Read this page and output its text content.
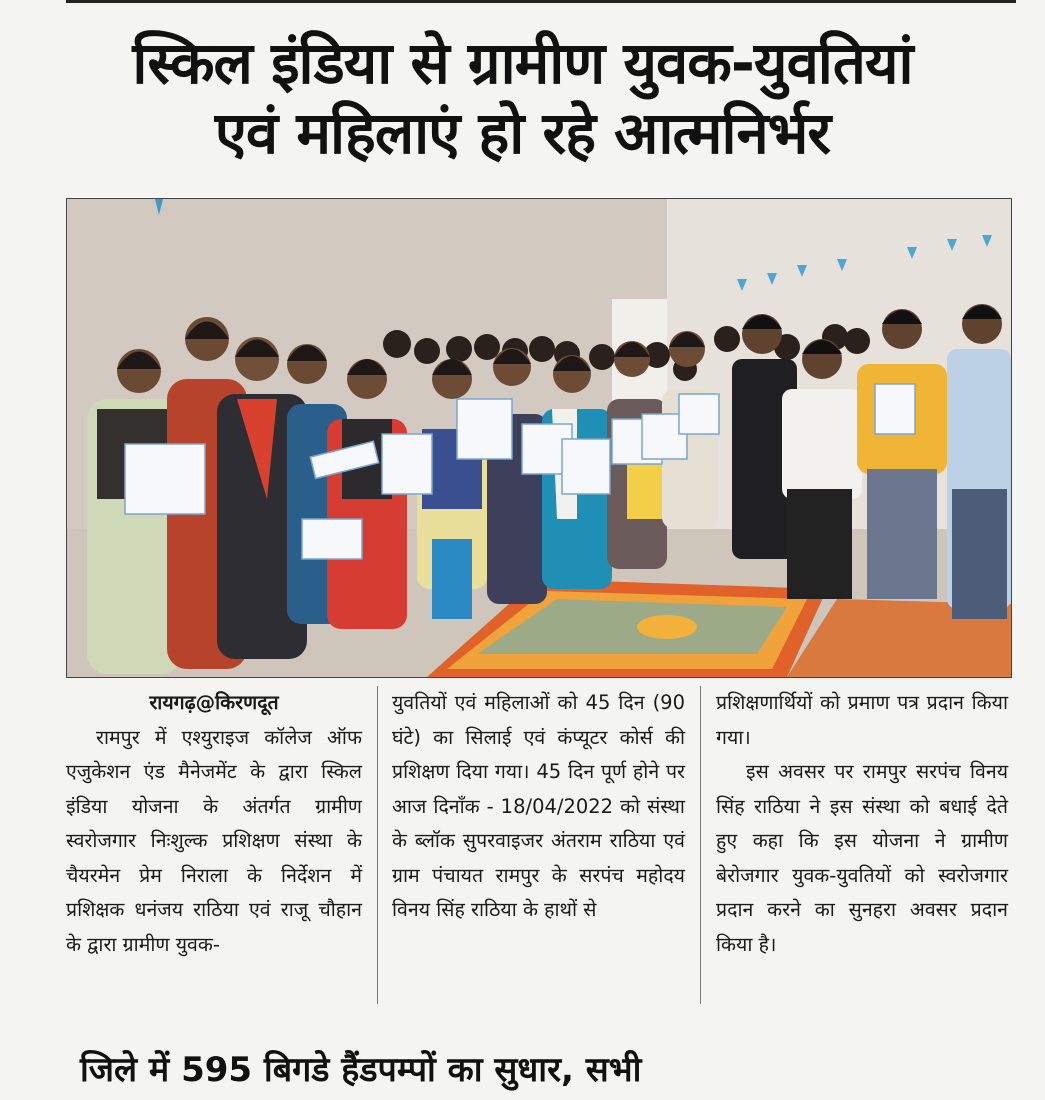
स्किल इंडिया से ग्रामीण युवक-युवतियां
एवं महिलाएं हो रहे आत्मनिर्भर

रायगढ़@किरणदूत

रामपुर में एश्युराइज कॉलेज ऑफ एजुकेशन एंड मैनेजमेंट के द्वारा स्किल इंडिया योजना के अंतर्गत ग्रामीण स्वरोजगार निःशुल्क प्रशिक्षण संस्था के चैयरमेन प्रेम निराला के निर्देशन में प्रशिक्षक धनंजय राठिया एवं राजू चौहान के द्वारा ग्रामीण युवक-

युवतियों एवं महिलाओं को 45 दिन (90 घंटे) का सिलाई एवं कंप्यूटर कोर्स की प्रशिक्षण दिया गया। 45 दिन पूर्ण होने पर आज दिनाँक - 18/04/2022 को संस्था के ब्लॉक सुपरवाइजर अंतराम राठिया एवं ग्राम पंचायत रामपुर के सरपंच महोदय विनय सिंह राठिया के हाथों से

प्रशिक्षणार्थियों को प्रमाण पत्र प्रदान किया गया।

इस अवसर पर रामपुर सरपंच विनय सिंह राठिया ने इस संस्था को बधाई देते हुए कहा कि इस योजना ने ग्रामीण बेरोजगार युवक-युवतियों को स्वरोजगार प्रदान करने का सुनहरा अवसर प्रदान किया है।

जिले में 595 बिगडे हैंडपम्पों का सुधार, सभी
